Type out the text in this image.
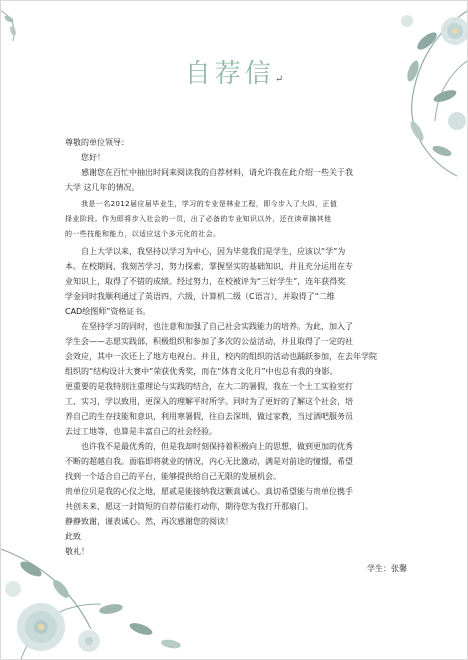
自荐信↵
尊敬的单位领导：
您好！
感谢您在百忙中抽出时间来阅读我的自荐材料，请允许我在此介绍一些关于我
大学 这几年的情况。
我是一名2012届应届毕业生，学习的专业是林业工程，即今步入了大四，正值
择业阶段。作为即将步入社会的一员，出了必备的专业知识以外，还在读章摘其他
的一些技能和能力，以适应这个多元化的社会。
自上大学以来，我坚持以学习为中心，因为毕竟我们是学生，应该以“学”为
本。在校期间，我刻苦学习，努力探索，掌握坚实的基础知识，并且充分运用在专
业知识上，取得了不错的成绩。经过努力，在校被评为“三好学生”，连年获得奖
学金同时我顺利通过了英语四、六级，计算机二级（C语言），并取得了“二维
CAD绘图师”资格证书。
在坚持学习的同时，也注意和加强了自己社会实践能力的培养。为此，加入了
学生会——志愿实践部，积极组织和参加了多次的公益活动，并且取得了一定的社
会效应，其中一次还上了地方电视台。并且，校内的组织的活动也踊跃参加，在去年学院
组织的“结构设计大赛中”荣获优秀奖，而在“体育文化月”中也总有我的身影。
更重要的是我特别注重理论与实践的结合，在大二的暑假，我在一个土工实验室打
工、实习，学以致用，更深入的理解平时所学。同时为了更好的了解这个社会，培
养自己的生存技能和意识，利用寒暑假，往自去深圳，做过家教，当过酒吧服务员
去过工地等，也算是丰富自己的社会经验。
也许我不是最优秀的，但是我却时刻保持着积极向上的思想，做到更加的优秀
不断的超越自我。面临即将就业的情况，内心无比激动，满是对前途的憧憬，希望
找到一个适合自己的平台，能够提供给自己无限的发展机会。
贵单位贝是我的心仪之地，愿贰是能接纳我这颗真诚心。真切希望能与贵单位携手
共创未来，愿这一封简短的自荐信能打动你，期待您为我打开那扇门。
静静致谢，谨表诚心。然，再次感谢您的阅读！
此致
敬礼！
学生：张馨
